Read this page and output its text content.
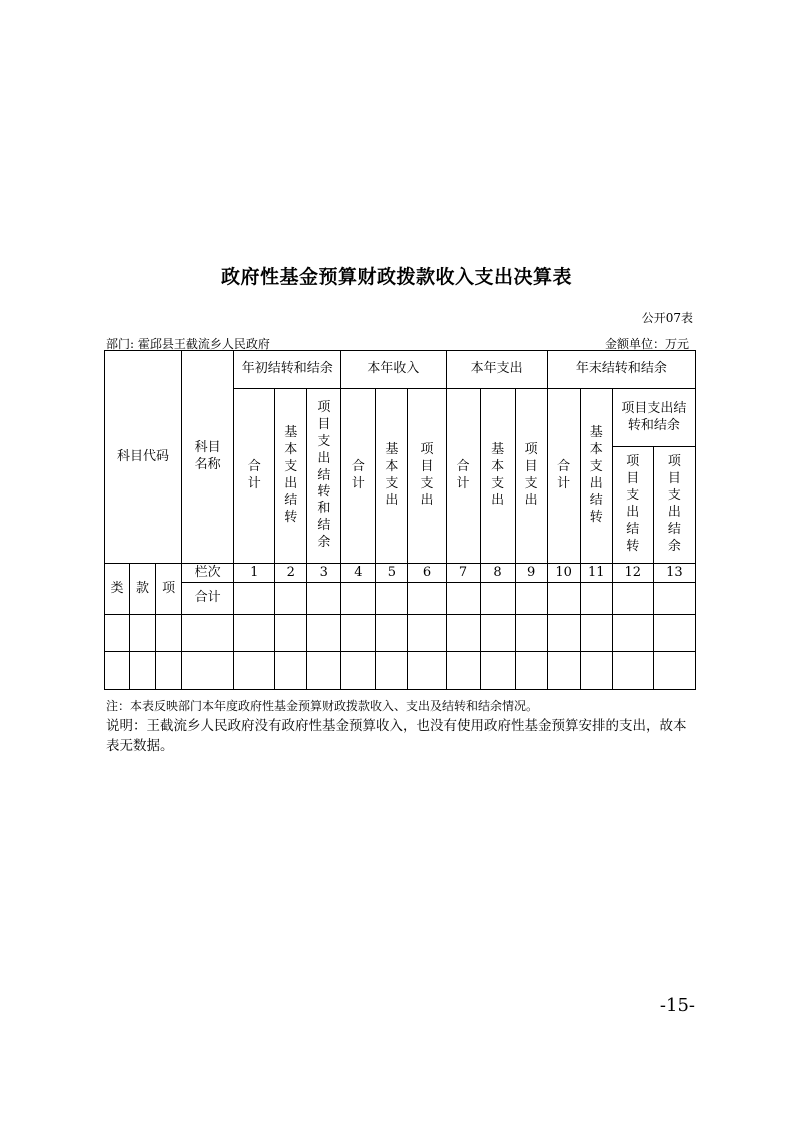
政府性基金预算财政拨款收入支出决算表
公开07表
部门: 霍邱县王截流乡人民政府	金额单位：万元
科目代码			科目名称	年初结转和结余			本年收入			本年支出			年末结转和结余			
				合计	基本支出结转	项目支出结转和结余	合计	基本支出	项目支出	合计	基本支出	项目支出	合计	基本支出结转	项目支出结转和结余	
															项目支出结转	项目支出结余
类	款	项	栏次	1	2	3	4	5	6	7	8	9	10	11	12	13
			合计													

注：本表反映部门本年度政府性基金预算财政拨款收入、支出及结转和结余情况。
说明：王截流乡人民政府没有政府性基金预算收入，也没有使用政府性基金预算安排的支出，故本表无数据。
-15-
